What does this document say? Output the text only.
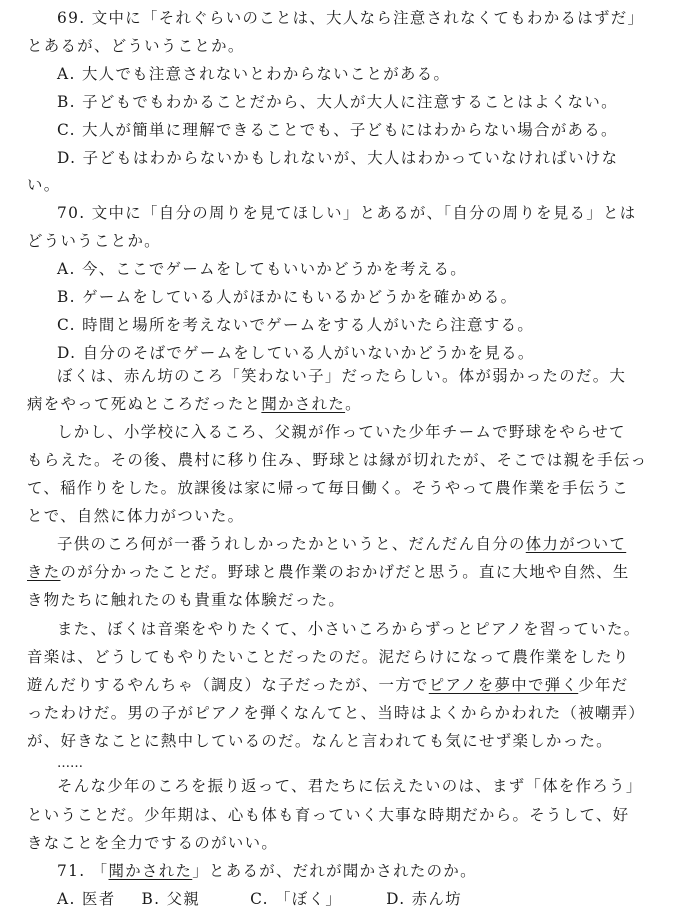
69. 文中に「それぐらいのことは、大人なら注意されなくてもわかるはずだ」
とあるが、どういうことか。
A. 大人でも注意されないとわからないことがある。
B. 子どもでもわかることだから、大人が大人に注意することはよくない。
C. 大人が簡単に理解できることでも、子どもにはわからない場合がある。
D. 子どもはわからないかもしれないが、大人はわかっていなければいけな
い。
70. 文中に「自分の周りを見てほしい」とあるが、「自分の周りを見る」とは
どういうことか。
A. 今、ここでゲームをしてもいいかどうかを考える。
B. ゲームをしている人がほかにもいるかどうかを確かめる。
C. 時間と場所を考えないでゲームをする人がいたら注意する。
D. 自分のそばでゲームをしている人がいないかどうかを見る。
ぼくは、赤ん坊のころ「笑わない子」だったらしい。体が弱かったのだ。大
病をやって死ぬところだったと聞かされた。
しかし、小学校に入るころ、父親が作っていた少年チームで野球をやらせて
もらえた。その後、農村に移り住み、野球とは縁が切れたが、そこでは親を手伝っ
て、稲作りをした。放課後は家に帰って毎日働く。そうやって農作業を手伝うこ
とで、自然に体力がついた。
子供のころ何が一番うれしかったかというと、だんだん自分の体力がついて
きたのが分かったことだ。野球と農作業のおかげだと思う。直に大地や自然、生
き物たちに触れたのも貴重な体験だった。
また、ぼくは音楽をやりたくて、小さいころからずっとピアノを習っていた。
音楽は、どうしてもやりたいことだったのだ。泥だらけになって農作業をしたり
遊んだりするやんちゃ（調皮）な子だったが、一方でピアノを夢中で弾く少年だ
ったわけだ。男の子がピアノを弾くなんてと、当時はよくからかわれた（被嘲弄）
が、好きなことに熱中しているのだ。なんと言われても気にせず楽しかった。
……
そんな少年のころを振り返って、君たちに伝えたいのは、まず「体を作ろう」
ということだ。少年期は、心も体も育っていく大事な時期だから。そうして、好
きなことを全力でするのがいい。
71. 「聞かされた」とあるが、だれが聞かされたのか。
A. 医者 B. 父親	C. 「ぼく」	D. 赤ん坊
